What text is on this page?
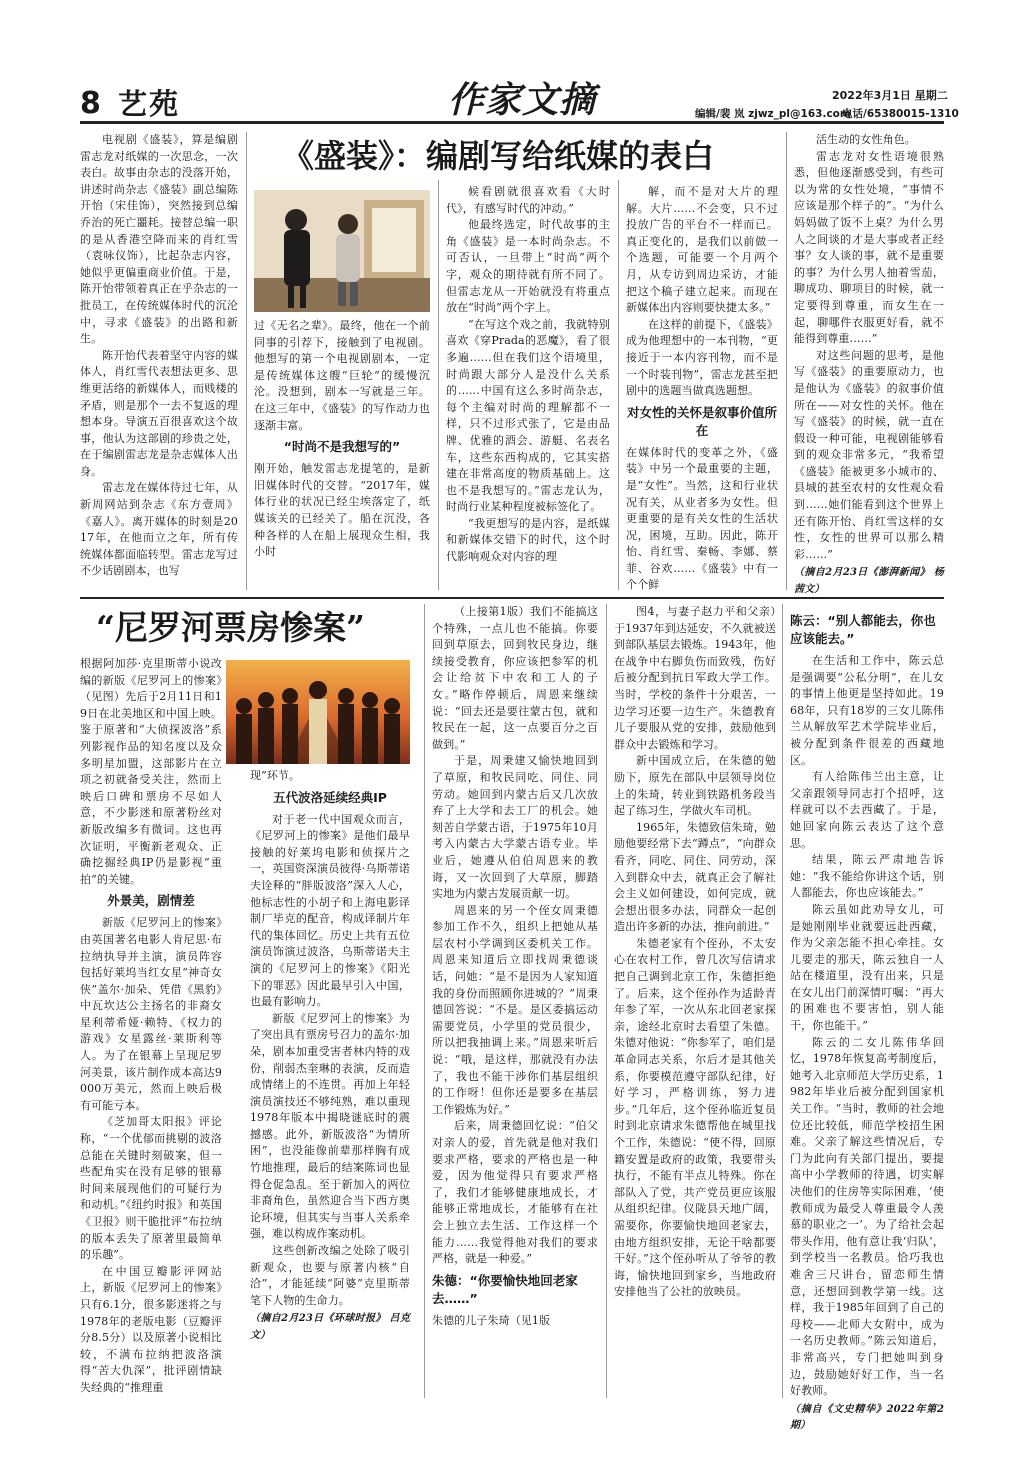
8 艺苑	作家文摘	2022年3月1日 星期二
编辑/裴 岚 zjwz_pl@163.com
电话/65380015-1310
《盛装》：编剧写给纸媒的表白
电视剧《盛装》，算是编剧雷志龙对纸媒的一次思念，一次表白。故事由杂志的没落开始，讲述时尚杂志《盛装》副总编陈开怡（宋佳饰），突然接到总编乔治的死亡噩耗。接替总编一职的是从香港空降而来的肖红雪（袁咏仪饰），比起杂志内容，她似乎更偏重商业价值。于是，陈开怡带领着真正在乎杂志的一批员工，在传统媒体时代的沉沦中，寻求《盛装》的出路和新生。
陈开怡代表着坚守内容的媒体人，肖红雪代表想法更多、思维更活络的新媒体人，而贱楼的矛盾，则是那个一去不复返的理想本身。导演五百很喜欢这个故事，他认为这部剧的珍贵之处，在于编剧雷志龙是杂志媒体人出身。
雷志龙在媒体待过七年，从新周网站到杂志《东方壹周》《嘉人》。离开媒体的时刻是2017年，在他而立之年，所有传统媒体都面临转型。雷志龙写过不少话剧剧本，也写
过《无名之辈》。最终，他在一个前同事的引荐下，接触到了电视剧。他想写的第一个电视剧剧本，一定是传统媒体这艘“巨轮”的缓慢沉沦。没想到，剧本一写就是三年。在这三年中，《盛装》的写作动力也逐渐丰富。
“时尚不是我想写的”
刚开始，触发雷志龙提笔的，是新旧媒体时代的交替。“2017年，媒体行业的状况已经尘埃落定了，纸媒该关的已经关了。船在沉没，各种各样的人在船上展现众生相，我小时
候看剧就很喜欢看《大时代》，有感写时代的冲动。”
他最终选定，时代故事的主角《盛装》是一本时尚杂志。不可否认，一旦带上“时尚”两个字，观众的期待就有所不同了。但雷志龙从一开始就没有将重点放在“时尚”两个字上。
“在写这个戏之前，我就特别喜欢《穿Prada的恶魔》，看了很多遍……但在我们这个语境里，时尚跟大部分人是没什么关系的……中国有这么多时尚杂志，每个主编对时尚的理解都不一样，只不过形式张了，它是由品牌、优雅的酒会、游艇、名表名车，这些东西构成的，它其实搭建在非常高度的物质基础上。这也不是我想写的。”雷志龙认为，时尚行业某种程度被标签化了。
“我更想写的是内容，是纸媒和新媒体交错下的时代，这个时代影响观众对内容的理
解，而不是对大片的理解。大片……不会变，只不过投放广告的平台不一样而已。真正变化的，是我们以前做一个选题，可能要一个月两个月，从专访到周边采访，才能把这个稿子建立起来。而现在新媒体出内容则要快捷太多。”
在这样的前提下，《盛装》成为他理想中的一本刊物，“更接近于一本内容刊物，而不是一个时装刊物”，雷志龙甚至把剧中的选题当做真选题想。
对女性的关怀是叙事价值所在
在媒体时代的变革之外，《盛装》中另一个最重要的主题，是“女性”。当然，这和行业状况有关，从业者多为女性。但更重要的是有关女性的生活状况，困境，互助。因此，陈开怡、肖红雪、秦畅、李娜、蔡菲、谷欢……《盛装》中有一个个鲜
活生动的女性角色。
雷志龙对女性语境很熟悉，但他逐渐感受到，有些可以为常的女性处境，“事情不应该是那个样子的”。“为什么妈妈做了饭不上桌？为什么男人之间谈的才是大事或者正经事？女人谈的事，就不是重要的事？为什么男人抽着雪茄，聊成功、聊项目的时候，就一定要得到尊重，而女生在一起，聊哪件衣服更好看，就不能得到尊重……”
对这些问题的思考，是他写《盛装》的重要原动力，也是他认为《盛装》的叙事价值所在——对女性的关怀。他在写《盛装》的时候，就一直在假设一种可能，电视剧能够看到的观众非常多元，“我希望《盛装》能被更多小城市的、县城的甚至农村的女性观众看到……她们能看到这个世界上还有陈开怡、肖红雪这样的女性，女性的世界可以那么精彩……”
（摘自2月23日《澎湃新闻》 杨茜文）
“尼罗河票房惨案”
根据阿加莎·克里斯蒂小说改编的新版《尼罗河上的惨案》（见图）先后于2月11日和19日在北美地区和中国上映。鉴于原著和“大侦探波洛”系列影视作品的知名度以及众多明星加盟，这部影片在立项之初就备受关注，然而上映后口碑和票房不尽如人意，不少影迷和原著粉丝对新版改编多有微词。这也再次证明，平衡新老观众、正确挖掘经典IP仍是影视“重拍”的关键。
外景美，剧情差
新版《尼罗河上的惨案》由英国著名电影人肯尼思·布拉纳执导并主演，演员阵容包括好莱坞当红女星“神奇女侠”盖尔·加朵、凭借《黑豹》中瓦坎达公主扬名的非裔女星利蒂希娅·赖特、《权力的游戏》女星露丝·莱斯利等人。为了在银幕上呈现尼罗河美景，该片制作成本高达9000万美元，然而上映后极有可能亏本。
《芝加哥太阳报》评论称，“一个优郁而挑剔的波洛总能在关键时刻破案，但一些配角实在没有足够的银幕时间来展现他们的可疑行为和动机。”《纽约时报》和英国《卫报》则干脆批评“布拉纳的版本丢失了原著里最简单的乐趣”。
在中国豆瓣影评网站上，新版《尼罗河上的惨案》只有6.1分，很多影迷将之与1978年的老版电影（豆瓣评分8.5分）以及原著小说相比较，不满布拉纳把波洛演得“苦大仇深”，批评剧情缺失经典的“推理重
现”环节。
五代波洛延续经典IP
对于老一代中国观众而言，《尼罗河上的惨案》是他们最早接触的好莱坞电影和侦探片之一，英国资深演员彼得·乌斯蒂诺夫诠释的“胖版波洛”深入人心，他标志性的小胡子和上海电影译制厂毕克的配音，构成译制片年代的集体回忆。历史上共有五位演员饰演过波洛，乌斯蒂诺夫主演的《尼罗河上的惨案》《阳光下的罪恶》因此最早引入中国，也最有影响力。
新版《尼罗河上的惨案》为了突出具有票房号召力的盖尔·加朵，剧本加重受害者林内特的戏份，削弱杰奎琳的表演，反而造成情绪上的不连贯。再加上年轻演员演技还不够纯熟，难以重现1978年版本中揭晓谜底时的震撼感。此外，新版波洛“为情所困”，也没能像前辈那样胸有成竹地推理，最后的结案陈词也显得仓促急乱。至于新加入的两位非裔角色，虽然迎合当下西方奥论环境，但其实与当事人关系牵强，难以构成作案动机。
这些创新改编之处除了吸引新观众，也要与原著内核“自洽”，才能延续“阿婆”克里斯蒂笔下人物的生命力。
（摘自2月23日《环球时报》 吕克文）
（上接第1版）我们不能搞这个特殊，一点儿也不能搞。你要回到草原去，回到牧民身边，继续接受教育，你应该把参军的机会让给贫下中农和工人的子女。”略作停顿后，周恩来继续说：“回去还是要往蒙古包，就和牧民在一起，这一点要百分之百做到。”
于是，周秉建又愉快地回到了草原，和牧民同吃、同住、同劳动。她回到内蒙古后又几次放弃了上大学和去工厂的机会。她刻苦自学蒙古语，于1975年10月考入内蒙古大学蒙古语专业。毕业后，她遵从伯伯周恩来的教诲，又一次回到了大草原，脚踏实地为内蒙古发展贡献一切。
周恩来的另一个侄女周秉德参加工作不久，组织上把她从基层农村小学调到区委机关工作。周恩来知道后立即找周秉德谈话，问她：“是不是因为人家知道我的身份而照顾你进城的？”周秉德回答说：“不是。是区委搞运动需要党员，小学里的党员很少，所以把我抽调上来。”周恩来听后说：“哦，是这样，那就没有办法了，我也不能干涉你们基层组织的工作呀！但你还是要多在基层工作锻炼为好。”
后来，周秉德回忆说：“伯父对亲人的爱，首先就是他对我们要求严格，要求的严格也是一种爱，因为他觉得只有要求严格了，我们才能够健康地成长，才能够正常地成长，才能够有在社会上独立去生活、工作这样一个能力……我觉得他对我们的要求严格，就是一种爱。”
朱德：“你要愉快地回老家去……”
朱德的儿子朱琦（见1版
图4，与妻子赵力平和父亲）于1937年到达延安，不久就被送到部队基层去锻炼。1943年，他在战争中右脚负伤而致残，伤好后被分配到抗日军政大学工作。当时，学校的条件十分艰苦，一边学习还要一边生产。朱德教育儿子要服从党的安排，鼓励他到群众中去锻炼和学习。
新中国成立后，在朱德的勉励下，原先在部队中层领导岗位上的朱琦，转业到铁路机务段当起了练习生，学做火车司机。
1965年，朱德致信朱琦，勉励他要经常下去“蹲点”，“向群众看齐，同吃、同住、同劳动，深入到群众中去，就真正会了解社会主义如何建设，如何完成，就会想出很多办法，同群众一起创造出许多新的办法，推向前进。”
朱德老家有个侄孙，不太安心在农村工作，曾几次写信请求把自己调到北京工作，朱德拒绝了。后来，这个侄孙作为适龄青年参了军，一次从东北回老家探亲，途经北京时去看望了朱德。朱德对他说：“你参军了，咱们是革命同志关系，尔后才是其他关系，你要模范遵守部队纪律，好好学习，严格训练，努力进步。”几年后，这个侄孙临近复员时到北京请求朱德帮他在城里找个工作，朱德说：“使不得，回原籍安置是政府的政策，我要带头执行，不能有半点儿特殊。你在部队入了党，共产党员更应该服从组织纪律。仪陇县天地广阔，需要你，你要愉快地回老家去，由地方组织安排，无论干啥都要干好。”这个侄孙听从了爷爷的教诲，愉快地回到家乡，当地政府安排他当了公社的放映员。
陈云：“别人都能去，你也应该能去。”
在生活和工作中，陈云总是强调要“公私分明”，在儿女的事情上他更是坚持如此。1968年，只有18岁的三女儿陈伟兰从解放军艺术学院毕业后，被分配到条件很差的西藏地区。
有人给陈伟兰出主意，让父亲跟领导同志打个招呼，这样就可以不去西藏了。于是，她回家向陈云表达了这个意思。
结果，陈云严肃地告诉她：“我不能给你讲这个话，别人都能去，你也应该能去。”
陈云虽如此劝导女儿，可是她刚刚毕业就要远赴西藏，作为父亲怎能不担心牵挂。女儿要走的那天，陈云独自一人站在楼道里，没有出来，只是在女儿出门前深情叮嘱：“再大的困难也不要害怕，别人能干，你也能干。”
陈云的二女儿陈伟华回忆，1978年恢复高考制度后，她考入北京师范大学历史系，1982年毕业后被分配到国家机关工作。“当时，教师的社会地位还比较低，师范学校招生困难。父亲了解这些情况后，专门为此向有关部门提出，要提高中小学教师的待遇，切实解决他们的住房等实际困难，‘使教师成为最受人尊重最令人羡慕的职业之一’。为了给社会起带头作用，他有意让我‘归队’，到学校当一名教员。恰巧我也难舍三尺讲台，留恋师生情意，还想回到教学第一线。这样，我于1985年回到了自己的母校——北师大女附中，成为一名历史教师。”陈云知道后，非常高兴，专门把她叫到身边，鼓励她好好工作，当一名好教师。
（摘自《文史精华》2022年第2期）
